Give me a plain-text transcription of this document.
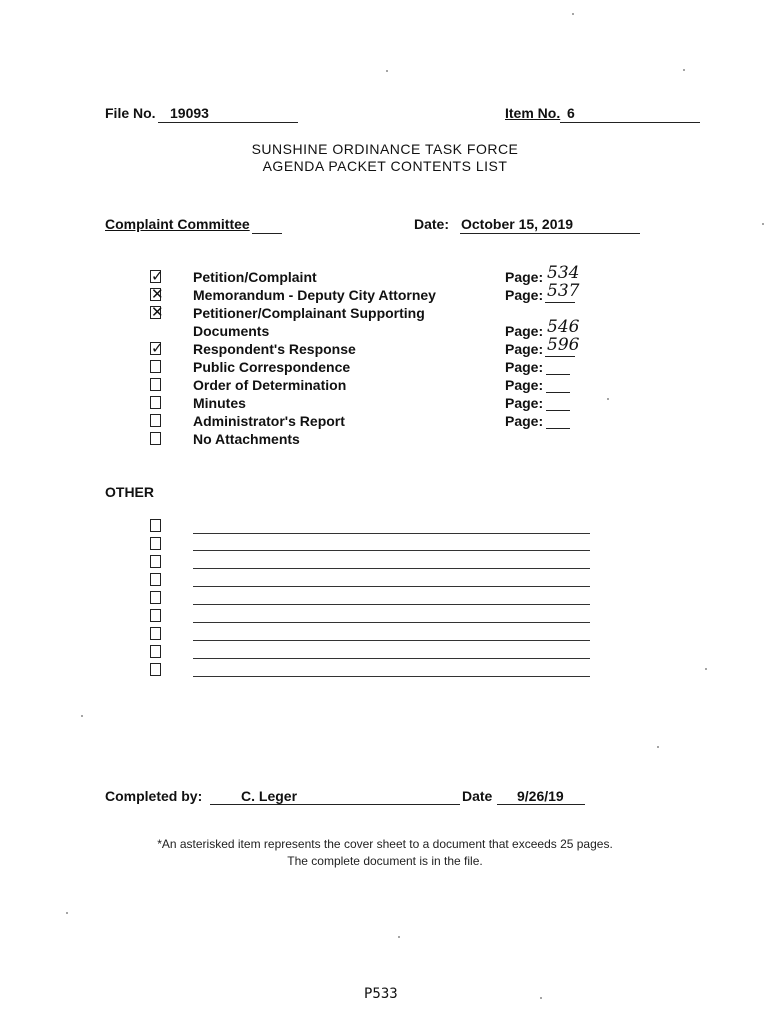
File No. 19093	Item No. 6
SUNSHINE ORDINANCE TASK FORCE
AGENDA PACKET CONTENTS LIST
Complaint Committee	Date: October 15, 2019
✓ Petition/Complaint	Page: 534
✕ Memorandum - Deputy City Attorney	Page: 537
✕ Petitioner/Complainant Supporting
Documents	Page: 546
✓ Respondent's Response	Page: 596
Public Correspondence	Page:
Order of Determination	Page:
Minutes	Page:
Administrator's Report	Page:
No Attachments
OTHER
Completed by:	C. Leger	Date 9/26/19
*An asterisked item represents the cover sheet to a document that exceeds 25 pages.
The complete document is in the file.
P533
